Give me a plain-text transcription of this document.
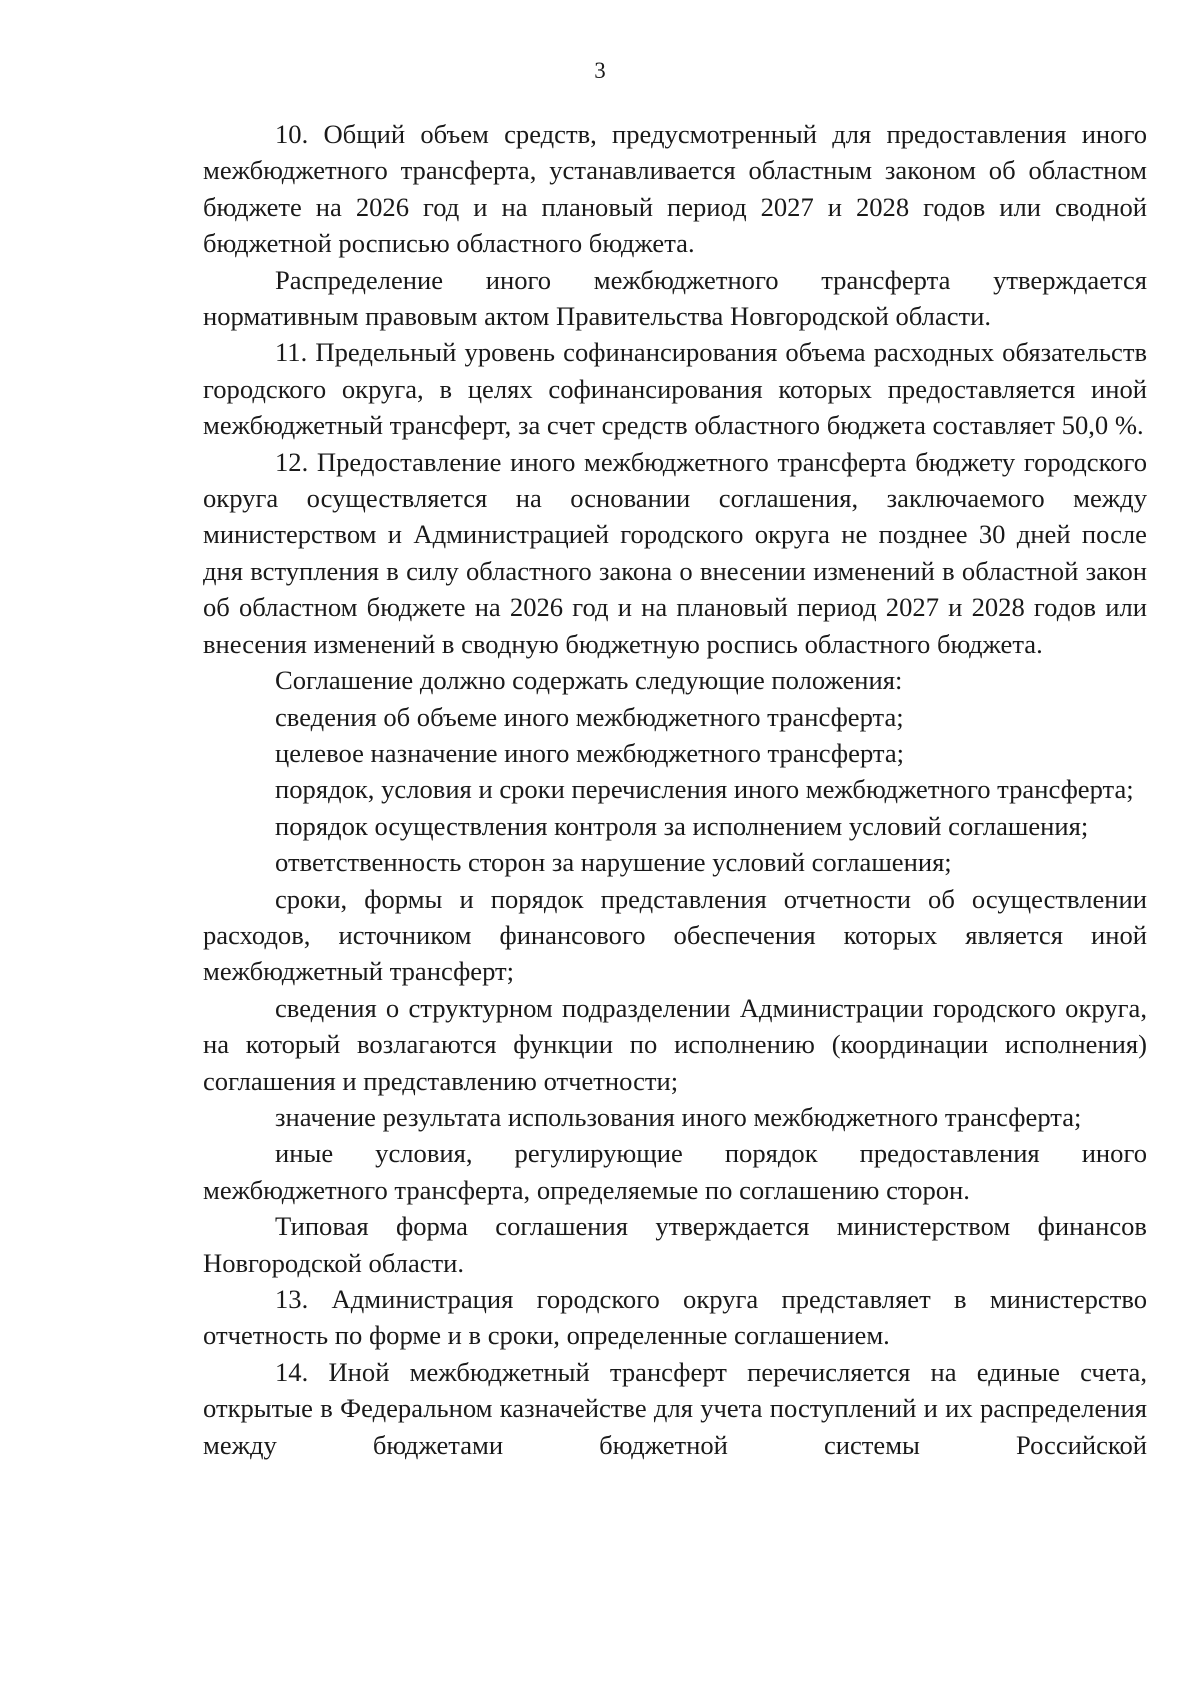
3

10. Общий объем средств, предусмотренный для предоставления иного межбюджетного трансферта, устанавливается областным законом об областном бюджете на 2026 год и на плановый период 2027 и 2028 годов или сводной бюджетной росписью областного бюджета.

Распределение иного межбюджетного трансферта утверждается нормативным правовым актом Правительства Новгородской области.

11. Предельный уровень софинансирования объема расходных обязательств городского округа, в целях софинансирования которых предоставляется иной межбюджетный трансферт, за счет средств областного бюджета составляет 50,0 %.

12. Предоставление иного межбюджетного трансферта бюджету городского округа осуществляется на основании соглашения, заключаемого между министерством и Администрацией городского округа не позднее 30 дней после дня вступления в силу областного закона о внесении изменений в областной закон об областном бюджете на 2026 год и на плановый период 2027 и 2028 годов или внесения изменений в сводную бюджетную роспись областного бюджета.

Соглашение должно содержать следующие положения:

сведения об объеме иного межбюджетного трансферта;

целевое назначение иного межбюджетного трансферта;

порядок, условия и сроки перечисления иного межбюджетного трансферта;

порядок осуществления контроля за исполнением условий соглашения;

ответственность сторон за нарушение условий соглашения;

сроки, формы и порядок представления отчетности об осуществлении расходов, источником финансового обеспечения которых является иной межбюджетный трансферт;

сведения о структурном подразделении Администрации городского округа, на который возлагаются функции по исполнению (координации исполнения) соглашения и представлению отчетности;

значение результата использования иного межбюджетного трансферта;

иные условия, регулирующие порядок предоставления иного межбюджетного трансферта, определяемые по соглашению сторон.

Типовая форма соглашения утверждается министерством финансов Новгородской области.

13. Администрация городского округа представляет в министерство отчетность по форме и в сроки, определенные соглашением.

14. Иной межбюджетный трансферт перечисляется на единые счета, открытые в Федеральном казначействе для учета поступлений и их распределения между бюджетами бюджетной системы Российской
